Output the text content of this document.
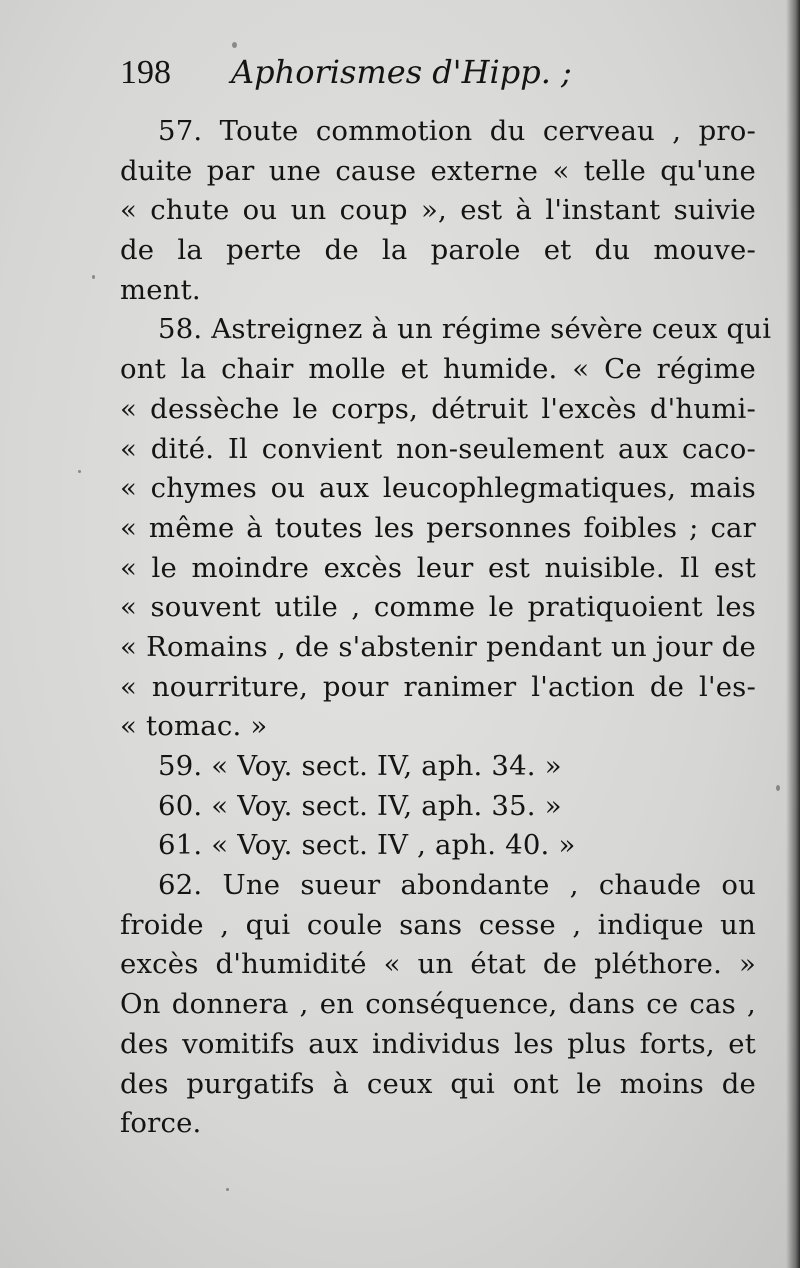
198 Aphorismes d'Hipp. ;
57. Toute commotion du cerveau , pro-
duite par une cause externe « telle qu'une
« chute ou un coup », est à l'instant suivie
de la perte de la parole et du mouve-
ment.
58. Astreignez à un régime sévère ceux qui
ont la chair molle et humide. « Ce régime
« dessèche le corps, détruit l'excès d'humi-
« dité. Il convient non-seulement aux caco-
« chymes ou aux leucophlegmatiques, mais
« même à toutes les personnes foibles ; car
« le moindre excès leur est nuisible. Il est
« souvent utile , comme le pratiquoient les
« Romains , de s'abstenir pendant un jour de
« nourriture, pour ranimer l'action de l'es-
« tomac. »
59. « Voy. sect. IV, aph. 34. »
60. « Voy. sect. IV, aph. 35. »
61. « Voy. sect. IV , aph. 40. »
62. Une sueur abondante , chaude ou
froide , qui coule sans cesse , indique un
excès d'humidité « un état de pléthore. »
On donnera , en conséquence, dans ce cas ,
des vomitifs aux individus les plus forts, et
des purgatifs à ceux qui ont le moins de
force.
